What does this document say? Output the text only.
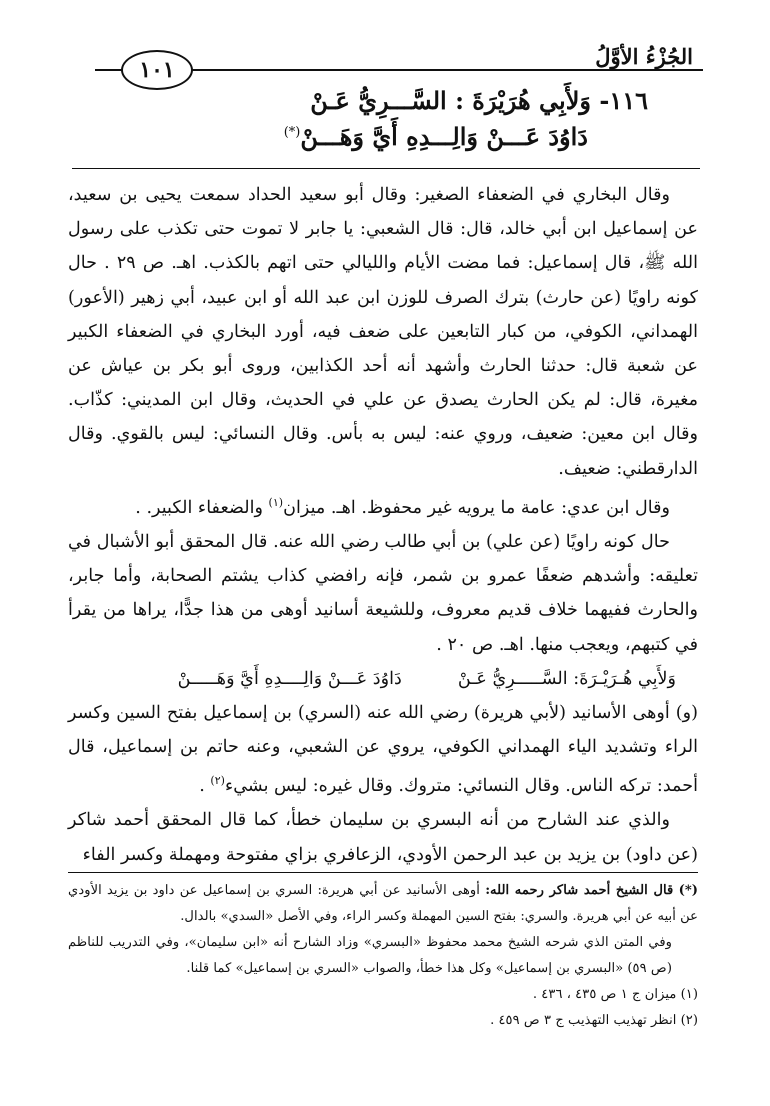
الجُزْءُ الأوَّلُ
١٠١
١١٦- وَلأَبِي هُرَيْرَةَ : السَّـــرِيُّ عَـنْ
دَاوُدَ عَـــنْ وَالِـــدِهِ أَيَّ وَهَـــنْ(*)

وقال البخاري في الضعفاء الصغير: وقال أبو سعيد الحداد سمعت يحيى بن سعيد، عن إسماعيل ابن أبي خالد، قال: قال الشعبي: يا جابر لا تموت حتى تكذب على رسول الله ﷺ، قال إسماعيل: فما مضت الأيام والليالي حتى اتهم بالكذب. اهـ. ص ٢٩ . حال كونه راويًا (عن حارث) بترك الصرف للوزن ابن عبد الله أو ابن عبيد، أبي زهير (الأعور) الهمداني، الكوفي، من كبار التابعين على ضعف فيه، أورد البخاري في الضعفاء الكبير عن شعبة قال: حدثنا الحارث وأشهد أنه أحد الكذابين، وروى أبو بكر بن عياش عن مغيرة، قال: لم يكن الحارث يصدق عن علي في الحديث، وقال ابن المديني: كذّاب. وقال ابن معين: ضعيف، وروي عنه: ليس به بأس. وقال النسائي: ليس بالقوي. وقال الدارقطني: ضعيف.

وقال ابن عدي: عامة ما يرويه غير محفوظ. اهـ. ميزان$^{(١)}$ والضعفاء الكبير. .

حال كونه راويًا (عن علي) بن أبي طالب رضي الله عنه. قال المحقق أبو الأشبال في تعليقه: وأشدهم ضعفًا عمرو بن شمر، فإنه رافضي كذاب يشتم الصحابة، وأما جابر، والحارث ففيهما خلاف قديم معروف، وللشيعة أسانيد أوهى من هذا جدًّا، يراها من يقرأ في كتبهم، ويعجب منها. اهـ. ص ٢٠ .

وَلأَبِي هُـرَيْـرَةَ: السَّـــــرِيُّ عَـنْ
دَاوُدَ عَـــنْ وَالِــــدِهِ أَيَّ وَهَـــــنْ

(و) أوهى الأسانيد (لأبي هريرة) رضي الله عنه (السري) بن إسماعيل بفتح السين وكسر الراء وتشديد الياء الهمداني الكوفي، يروي عن الشعبي، وعنه حاتم بن إسماعيل، قال أحمد: تركه الناس. وقال النسائي: متروك. وقال غيره: ليس بشيء$^{(٢)}$ .

والذي عند الشارح من أنه البسري بن سليمان خطأ، كما قال المحقق أحمد شاكر (عن داود) بن يزيد بن عبد الرحمن الأودي، الزعافري بزاي مفتوحة ومهملة وكسر الفاء

(*) قال الشيخ أحمد شاكر رحمه الله: أوهى الأسانيد عن أبي هريرة: السري بن إسماعيل عن داود بن يزيد الأودي عن أبيه عن أبي هريرة. والسري: بفتح السين المهملة وكسر الراء، وفي الأصل «السدي» بالدال.

وفي المتن الذي شرحه الشيخ محمد محفوظ «البسري» وزاد الشارح أنه «ابن سليمان»، وفي التدريب للناظم (ص ٥٩) «البسري بن إسماعيل» وكل هذا خطأ، والصواب «السري بن إسماعيل» كما قلنا.

(١) ميزان ج ١ ص ٤٣٥ ، ٤٣٦ .

(٢) انظر تهذيب التهذيب ج ٣ ص ٤٥٩ .
